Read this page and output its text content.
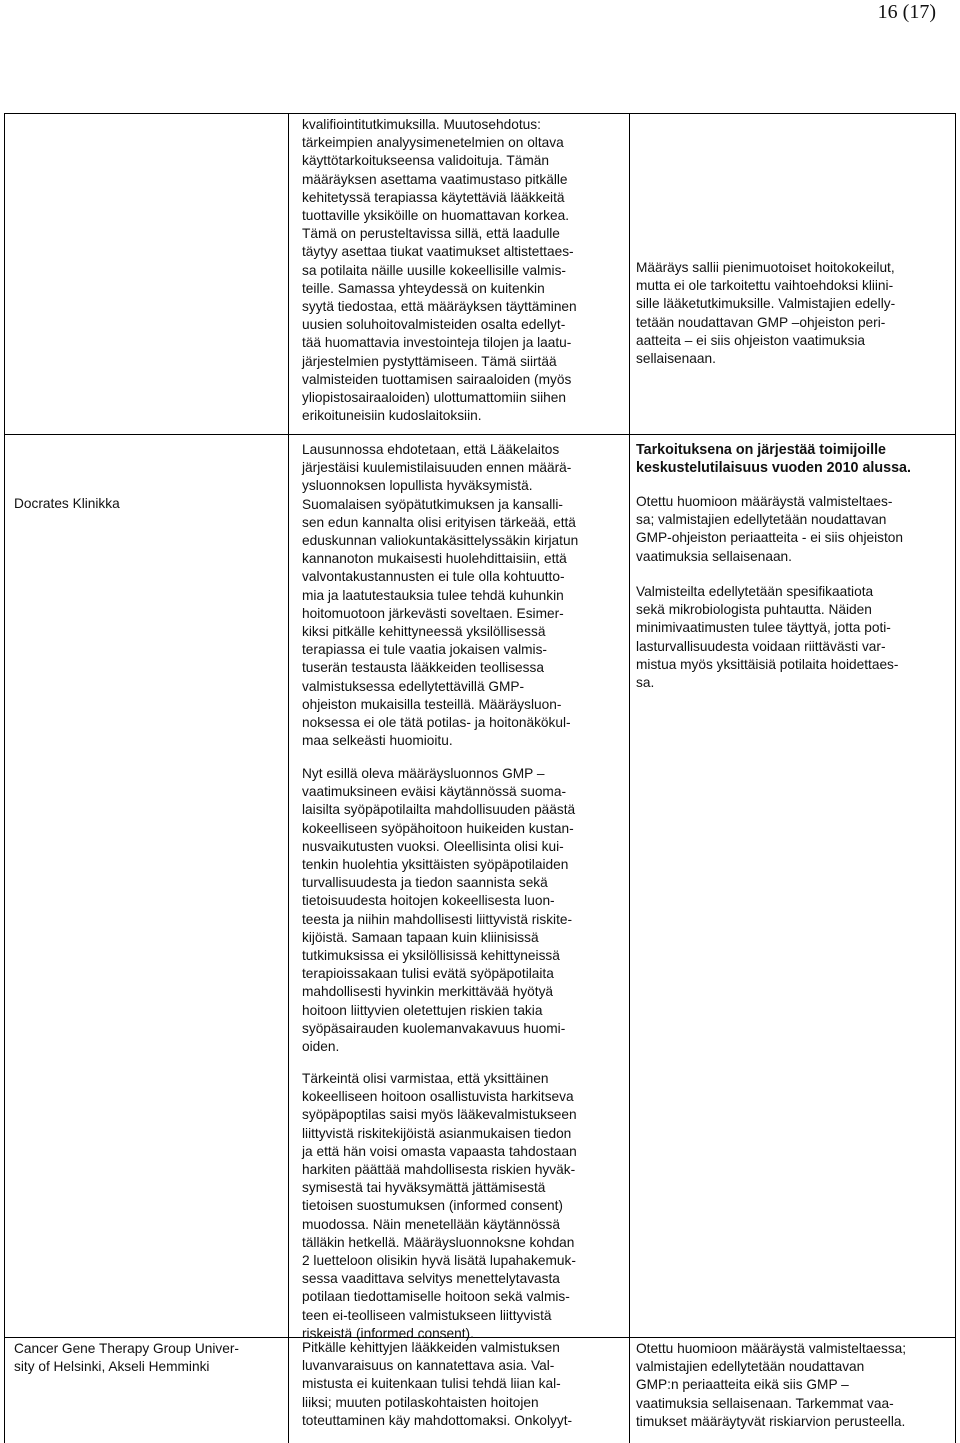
16 (17)
kvalifiointitutkimuksilla. Muutosehdotus:
tärkeimpien analyysimenetelmien on oltava
käyttötarkoitukseensa validoituja. Tämän
määräyksen asettama vaatimustaso pitkälle
kehitetyssä terapiassa käytettäviä lääkkeitä
tuottaville yksiköille on huomattavan korkea.
Tämä on perusteltavissa sillä, että laadulle
täytyy asettaa tiukat vaatimukset altistettaes-
sa potilaita näille uusille kokeellisille valmis-
teille. Samassa yhteydessä on kuitenkin
syytä tiedostaa, että määräyksen täyttäminen
uusien soluhoitovalmisteiden osalta edellyt-
tää huomattavia investointeja tilojen ja laatu-
järjestelmien pystyttämiseen. Tämä siirtää
valmisteiden tuottamisen sairaaloiden (myös
yliopistosairaaloiden) ulottumattomiin siihen
erikoituneisiin kudoslaitoksiin.
Määräys sallii pienimuotoiset hoitokokeilut,
mutta ei ole tarkoitettu vaihtoehdoksi kliini-
sille lääketutkimuksille. Valmistajien edelly-
tetään noudattavan GMP –ohjeiston peri-
aatteita – ei siis ohjeiston vaatimuksia
sellaisenaan.
Docrates Klinikka
Lausunnossa ehdotetaan, että Lääkelaitos
järjestäisi kuulemistilaisuuden ennen määrä-
ysluonnoksen lopullista hyväksymistä.
Suomalaisen syöpätutkimuksen ja kansalli-
sen edun kannalta olisi erityisen tärkeää, että
eduskunnan valiokuntakäsittelyssäkin kirjatun
kannanoton mukaisesti huolehdittaisiin, että
valvontakustannusten ei tule olla kohtuutto-
mia ja laatutestauksia tulee tehdä kuhunkin
hoitomuotoon järkevästi soveltaen. Esimer-
kiksi pitkälle kehittyneessä yksilöllisessä
terapiassa ei tule vaatia jokaisen valmis-
tuserän testausta lääkkeiden teollisessa
valmistuksessa edellytettävillä GMP-
ohjeiston mukaisilla testeillä. Määräysluon-
noksessa ei ole tätä potilas- ja hoitonäkökul-
maa selkeästi huomioitu.
Nyt esillä oleva määräysluonnos GMP –
vaatimuksineen eväisi käytännössä suoma-
laisilta syöpäpotilailta mahdollisuuden päästä
kokeelliseen syöpähoitoon huikeiden kustan-
nusvaikutusten vuoksi. Oleellisinta olisi kui-
tenkin huolehtia yksittäisten syöpäpotilaiden
turvallisuudesta ja tiedon saannista sekä
tietoisuudesta hoitojen kokeellisesta luon-
teesta ja niihin mahdollisesti liittyvistä riskite-
kijöistä. Samaan tapaan kuin kliinisissä
tutkimuksissa ei yksilöllisissä kehittyneissä
terapioissakaan tulisi evätä syöpäpotilaita
mahdollisesti hyvinkin merkittävää hyötyä
hoitoon liittyvien oletettujen riskien takia
syöpäsairauden kuolemanvakavuus huomi-
oiden.
Tärkeintä olisi varmistaa, että yksittäinen
kokeelliseen hoitoon osallistuvista harkitseva
syöpäpoptilas saisi myös lääkevalmistukseen
liittyvistä riskitekijöistä asianmukaisen tiedon
ja että hän voisi omasta vapaasta tahdostaan
harkiten päättää mahdollisesta riskien hyväk-
symisestä tai hyväksymättä jättämisestä
tietoisen suostumuksen (informed consent)
muodossa. Näin menetellään käytännössä
tälläkin hetkellä. Määräysluonnoksne kohdan
2 luetteloon olisikin hyvä lisätä lupahakemuk-
sessa vaadittava selvitys menettelytavasta
potilaan tiedottamiselle hoitoon sekä valmis-
teen ei-teolliseen valmistukseen liittyvistä
riskeistä (informed consent).
Tarkoituksena on järjestää toimijoille
keskustelutilaisuus vuoden 2010 alussa.
Otettu huomioon määräystä valmisteltaes-
sa; valmistajien edellytetään noudattavan
GMP-ohjeiston periaatteita - ei siis ohjeiston
vaatimuksia sellaisenaan.
Valmisteilta edellytetään spesifikaatiota
sekä mikrobiologista puhtautta. Näiden
minimivaatimusten tulee täyttyä, jotta poti-
lasturvallisuudesta voidaan riittävästi var-
mistua myös yksittäisiä potilaita hoidettaes-
sa.
Cancer Gene Therapy Group Univer-
sity of Helsinki, Akseli Hemminki
Pitkälle kehittyjen lääkkeiden valmistuksen
luvanvaraisuus on kannatettava asia. Val-
mistusta ei kuitenkaan tulisi tehdä liian kal-
liiksi; muuten potilaskohtaisten hoitojen
toteuttaminen käy mahdottomaksi. Onkolyyt-
Otettu huomioon määräystä valmisteltaessa;
valmistajien edellytetään noudattavan
GMP:n periaatteita eikä siis GMP –
vaatimuksia sellaisenaan. Tarkemmat vaa-
timukset määräytyvät riskiarvion perusteella.
